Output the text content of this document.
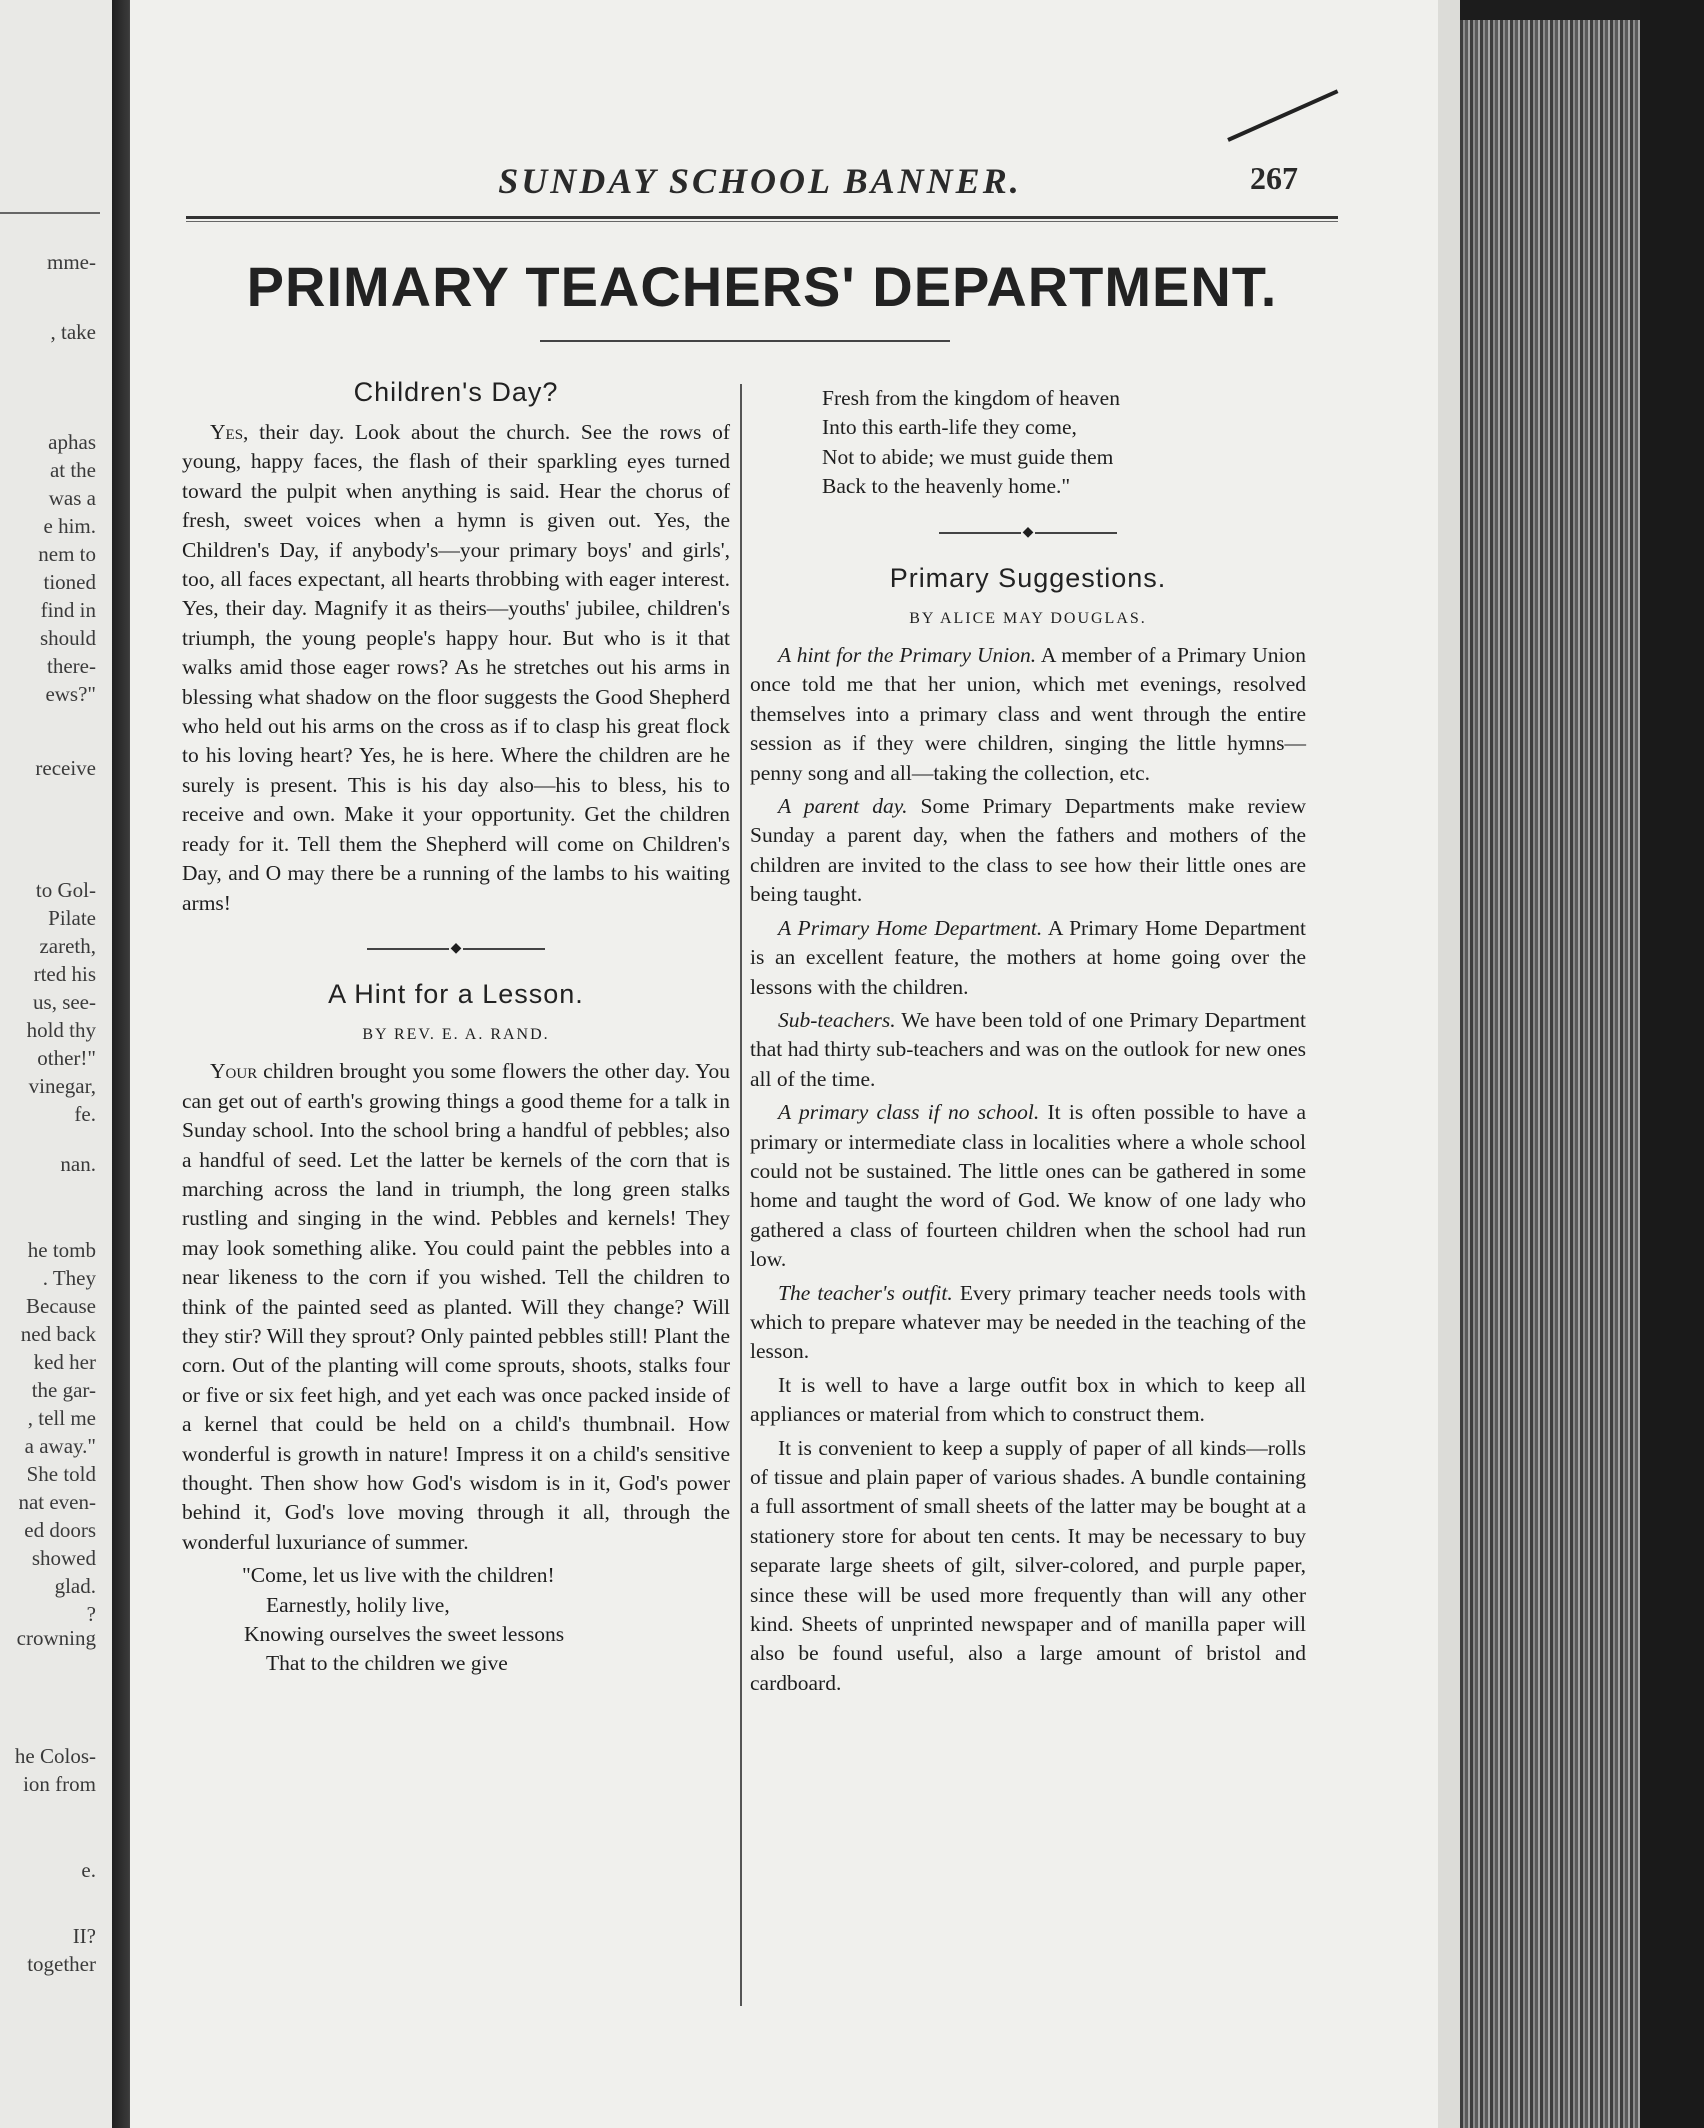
mme-
, take
aphas
at the
was a
e him.
nem to
tioned
find in
should
there-
ews?"
receive
to Gol-
Pilate
zareth,
rted his
us, see-
hold thy
other!"
vinegar,
fe.
nan.
he tomb
. They
Because
ned back
ked her
the gar-
, tell me
a away."
She told
nat even-
ed doors
showed
glad.
?
crowning
he Colos-
ion from
e.
II?
together
SUNDAY SCHOOL BANNER.	267
PRIMARY TEACHERS' DEPARTMENT.
Children's Day?

Yes, their day. Look about the church. See the rows of young, happy faces, the flash of their sparkling eyes turned toward the pulpit when anything is said. Hear the chorus of fresh, sweet voices when a hymn is given out. Yes, the Children's Day, if anybody's—your primary boys' and girls', too, all faces expectant, all hearts throbbing with eager interest. Yes, their day. Magnify it as theirs—youths' jubilee, children's triumph, the young people's happy hour. But who is it that walks amid those eager rows? As he stretches out his arms in blessing what shadow on the floor suggests the Good Shepherd who held out his arms on the cross as if to clasp his great flock to his loving heart? Yes, he is here. Where the children are he surely is present. This is his day also—his to bless, his to receive and own. Make it your opportunity. Get the children ready for it. Tell them the Shepherd will come on Children's Day, and O may there be a running of the lambs to his waiting arms!

◆
A Hint for a Lesson.
BY REV. E. A. RAND.

Your children brought you some flowers the other day. You can get out of earth's growing things a good theme for a talk in Sunday school. Into the school bring a handful of pebbles; also a handful of seed. Let the latter be kernels of the corn that is marching across the land in triumph, the long green stalks rustling and singing in the wind. Pebbles and kernels! They may look something alike. You could paint the pebbles into a near likeness to the corn if you wished. Tell the children to think of the painted seed as planted. Will they change? Will they stir? Will they sprout? Only painted pebbles still! Plant the corn. Out of the planting will come sprouts, shoots, stalks four or five or six feet high, and yet each was once packed inside of a kernel that could be held on a child's thumbnail. How wonderful is growth in nature! Impress it on a child's sensitive thought. Then show how God's wisdom is in it, God's power behind it, God's love moving through it all, through the wonderful luxuriance of summer.

"Come, let us live with the children!
Earnestly, holily live,
Knowing ourselves the sweet lessons
That to the children we give
Fresh from the kingdom of heaven
Into this earth-life they come,
Not to abide; we must guide them
Back to the heavenly home."
◆
Primary Suggestions.
BY ALICE MAY DOUGLAS.
A hint for the Primary Union. A member of a Primary Union once told me that her union, which met evenings, resolved themselves into a primary class and went through the entire session as if they were children, singing the little hymns—penny song and all—taking the collection, etc.
A parent day. Some Primary Departments make review Sunday a parent day, when the fathers and mothers of the children are invited to the class to see how their little ones are being taught.
A Primary Home Department. A Primary Home Department is an excellent feature, the mothers at home going over the lessons with the children.
Sub-teachers. We have been told of one Primary Department that had thirty sub-teachers and was on the outlook for new ones all of the time.
A primary class if no school. It is often possible to have a primary or intermediate class in localities where a whole school could not be sustained. The little ones can be gathered in some home and taught the word of God. We know of one lady who gathered a class of fourteen children when the school had run low.
The teacher's outfit. Every primary teacher needs tools with which to prepare whatever may be needed in the teaching of the lesson.
It is well to have a large outfit box in which to keep all appliances or material from which to construct them.
It is convenient to keep a supply of paper of all kinds—rolls of tissue and plain paper of various shades. A bundle containing a full assortment of small sheets of the latter may be bought at a stationery store for about ten cents. It may be necessary to buy separate large sheets of gilt, silver-colored, and purple paper, since these will be used more frequently than will any other kind. Sheets of unprinted newspaper and of manilla paper will also be found useful, also a large amount of bristol and cardboard.
